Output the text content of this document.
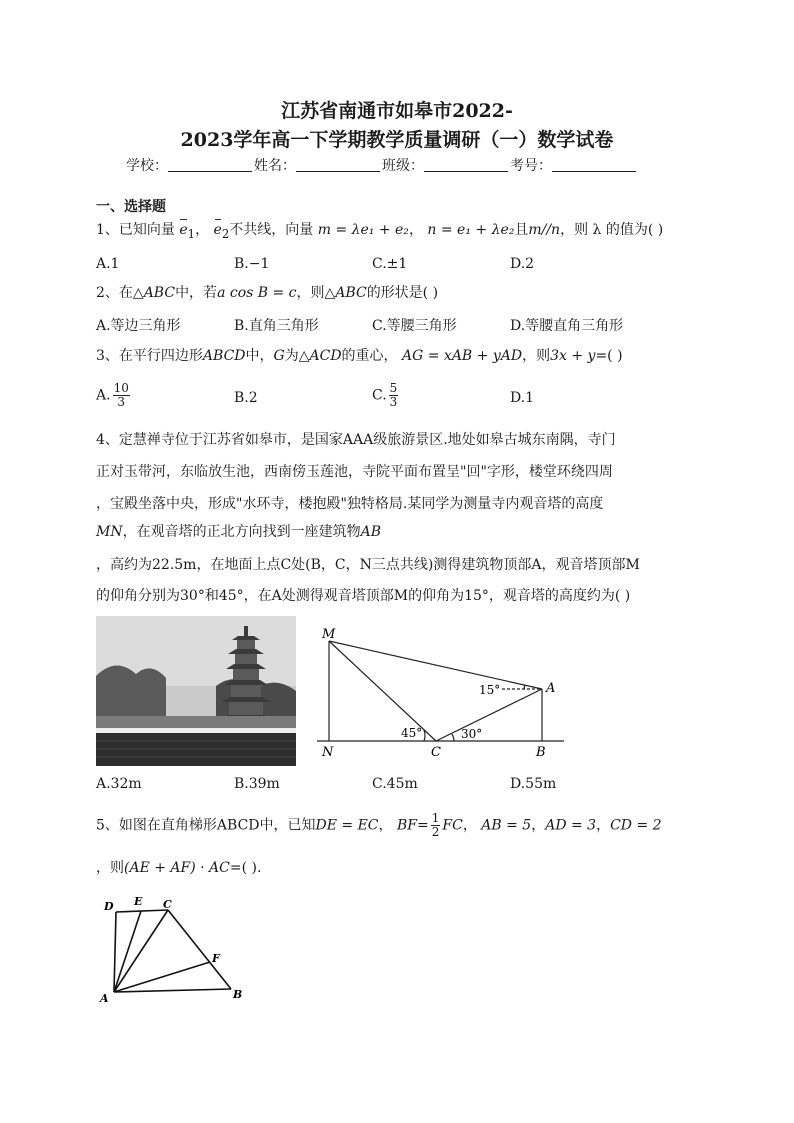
江苏省南通市如皋市2022-
2023学年高一下学期教学质量调研（一）数学试卷
学校：	姓名：	班级：	考号：
一、选择题
1、已知向量 $e_1$， $e_2$不共线，向量 m = λe₁ + e₂， n = e₁ + λe₂且m//n，则 λ 的值为( )
A.1	B.−1	C.±1	D.2
2、在△ABC中，若a cos B = c，则△ABC的形状是( )
A.等边三角形	B.直角三角形	C.等腰三角形	D.等腰直角三角形
3、在平行四边形ABCD中，G为△ACD的重心， AG = xAB + yAD，则3x + y=( )
A. $\frac{10}{3}$	B.2	C. $\frac{5}{3}$	D.1
4、定慧禅寺位于江苏省如皋市，是国家AAA级旅游景区.地处如皋古城东南隅，寺门
正对玉带河，东临放生池，西南傍玉莲池，寺院平面布置呈"回"字形，楼堂环绕四周
，宝殿坐落中央，形成"水环寺，楼抱殿"独特格局.某同学为测量寺内观音塔的高度
MN，在观音塔的正北方向找到一座建筑物AB
，高约为22.5m，在地面上点C处(B，C，N三点共线)测得建筑物顶部A，观音塔顶部M
的仰角分别为30°和45°，在A处测得观音塔顶部M的仰角为15°，观音塔的高度约为( )
M
A
N	C	B
15°
45°	30°
A.32m	B.39m	C.45m	D.55m
5、如图在直角梯形ABCD中，已知DE = EC， $BF= \frac{1}{2}$ FC， AB = 5，AD = 3，CD = 2
，则(AE + AF) · AC=( ).
D E C
F
A	B
